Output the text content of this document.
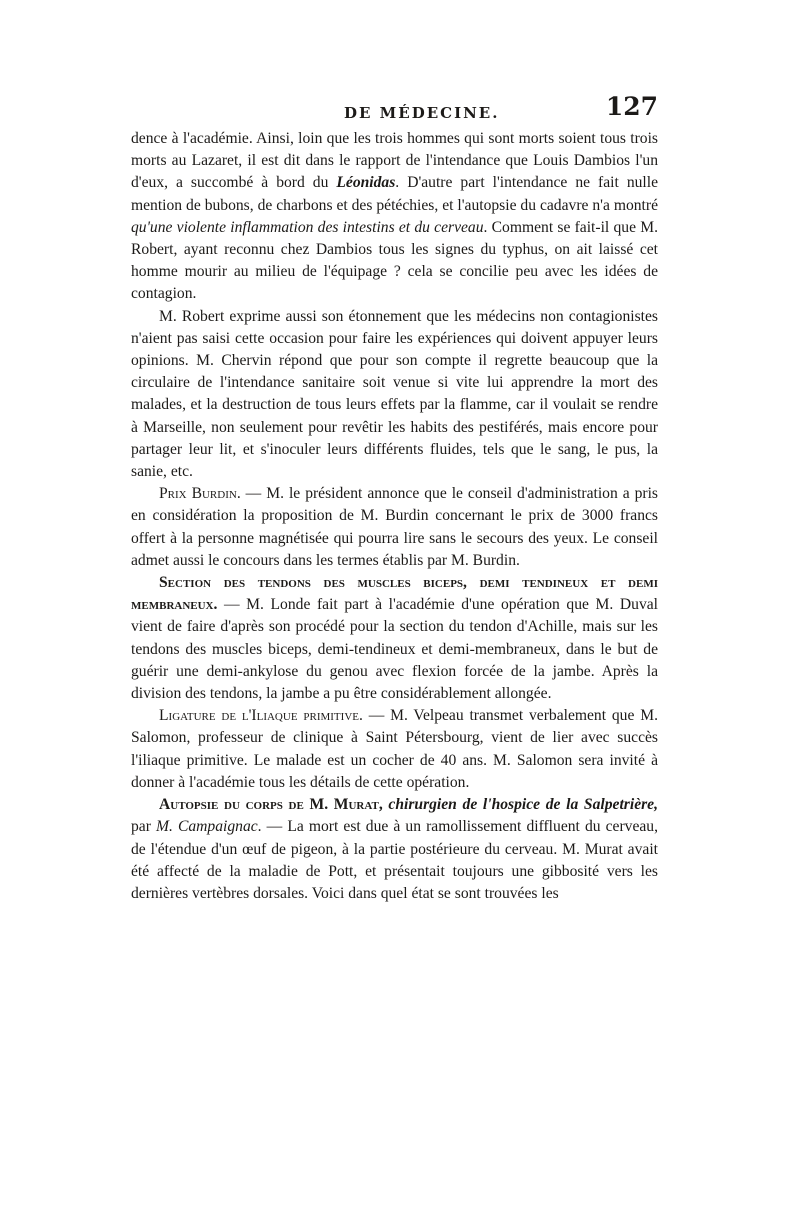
DE MÉDECINE.	127

dence à l'académie. Ainsi, loin que les trois hommes qui sont morts soient tous trois morts au Lazaret, il est dit dans le rapport de l'intendance que Louis Dambios l'un d'eux, a succombé à bord du Léonidas. D'autre part l'intendance ne fait nulle mention de bubons, de charbons et des pétéchies, et l'autopsie du cadavre n'a montré qu'une violente inflammation des intestins et du cerveau. Comment se fait-il que M. Robert, ayant reconnu chez Dambios tous les signes du typhus, on ait laissé cet homme mourir au milieu de l'équipage ? cela se concilie peu avec les idées de contagion.

M. Robert exprime aussi son étonnement que les médecins non contagionistes n'aient pas saisi cette occasion pour faire les expériences qui doivent appuyer leurs opinions. M. Chervin répond que pour son compte il regrette beaucoup que la circulaire de l'intendance sanitaire soit venue si vite lui apprendre la mort des malades, et la destruction de tous leurs effets par la flamme, car il voulait se rendre à Marseille, non seulement pour revêtir les habits des pestiférés, mais encore pour partager leur lit, et s'inoculer leurs différents fluides, tels que le sang, le pus, la sanie, etc.

Prix Burdin. — M. le président annonce que le conseil d'administration a pris en considération la proposition de M. Burdin concernant le prix de 3000 francs offert à la personne magnétisée qui pourra lire sans le secours des yeux. Le conseil admet aussi le concours dans les termes établis par M. Burdin.

Section des tendons des muscles biceps, demi tendineux et demi membraneux. — M. Londe fait part à l'académie d'une opération que M. Duval vient de faire d'après son procédé pour la section du tendon d'Achille, mais sur les tendons des muscles biceps, demi-tendineux et demi-membraneux, dans le but de guérir une demi-ankylose du genou avec flexion forcée de la jambe. Après la division des tendons, la jambe a pu être considérablement allongée.

Ligature de l'Iliaque primitive. — M. Velpeau transmet verbalement que M. Salomon, professeur de clinique à Saint Pétersbourg, vient de lier avec succès l'iliaque primitive. Le malade est un cocher de 40 ans. M. Salomon sera invité à donner à l'académie tous les détails de cette opération.

Autopsie du corps de M. Murat, chirurgien de l'hospice de la Salpetrière, par M. Campaignac. — La mort est due à un ramollissement diffluent du cerveau, de l'étendue d'un œuf de pigeon, à la partie postérieure du cerveau. M. Murat avait été affecté de la maladie de Pott, et présentait toujours une gibbosité vers les dernières vertèbres dorsales. Voici dans quel état se sont trouvées les
